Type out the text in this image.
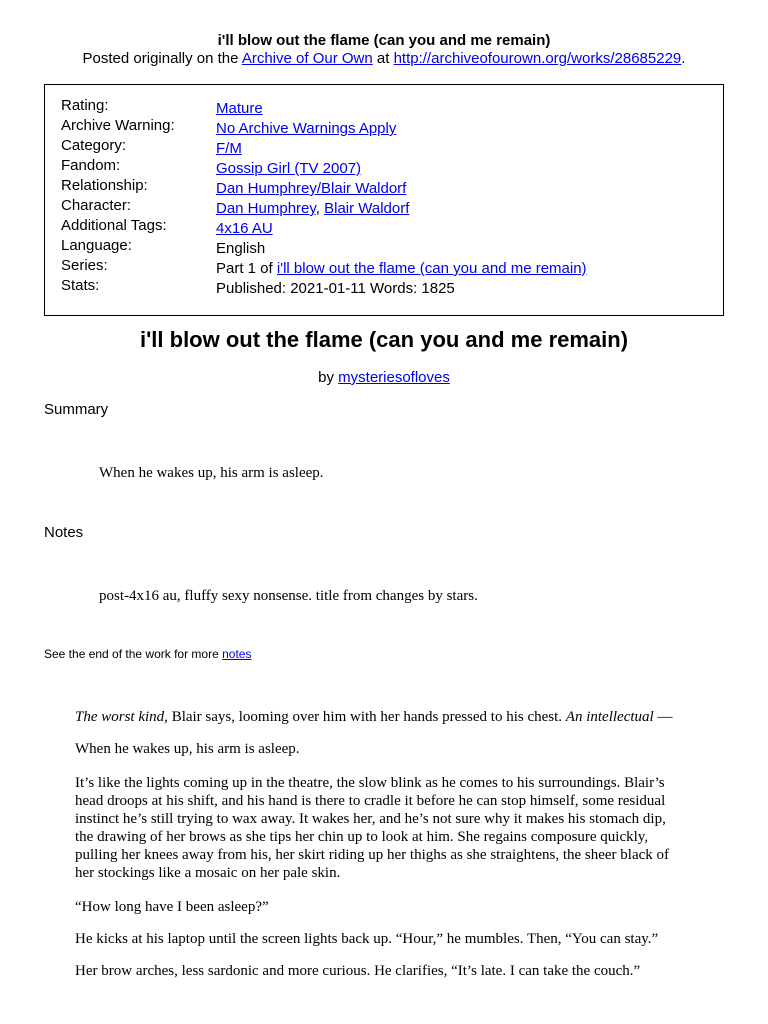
i'll blow out the flame (can you and me remain)
Posted originally on the Archive of Our Own at http://archiveofourown.org/works/28685229.
Rating:	Mature
Archive Warning:	No Archive Warnings Apply
Category:	F/M
Fandom:	Gossip Girl (TV 2007)
Relationship:	Dan Humphrey/Blair Waldorf
Character:	Dan Humphrey, Blair Waldorf
Additional Tags:	4x16 AU
Language:	English
Series:	Part 1 of i'll blow out the flame (can you and me remain)
Stats:	Published: 2021-01-11 Words: 1825
i'll blow out the flame (can you and me remain)
by mysteriesofloves
Summary
When he wakes up, his arm is asleep.
Notes
post-4x16 au, fluffy sexy nonsense. title from changes by stars.
See the end of the work for more notes

The worst kind, Blair says, looming over him with her hands pressed to his chest. An intellectual —

When he wakes up, his arm is asleep.

It’s like the lights coming up in the theatre, the slow blink as he comes to his surroundings. Blair’s

head droops at his shift, and his hand is there to cradle it before he can stop himself, some residual

instinct he’s still trying to wax away. It wakes her, and he’s not sure why it makes his stomach dip,

the drawing of her brows as she tips her chin up to look at him. She regains composure quickly,

pulling her knees away from his, her skirt riding up her thighs as she straightens, the sheer black of

her stockings like a mosaic on her pale skin.

“How long have I been asleep?”

He kicks at his laptop until the screen lights back up. “Hour,” he mumbles. Then, “You can stay.”

Her brow arches, less sardonic and more curious. He clarifies, “It’s late. I can take the couch.”
